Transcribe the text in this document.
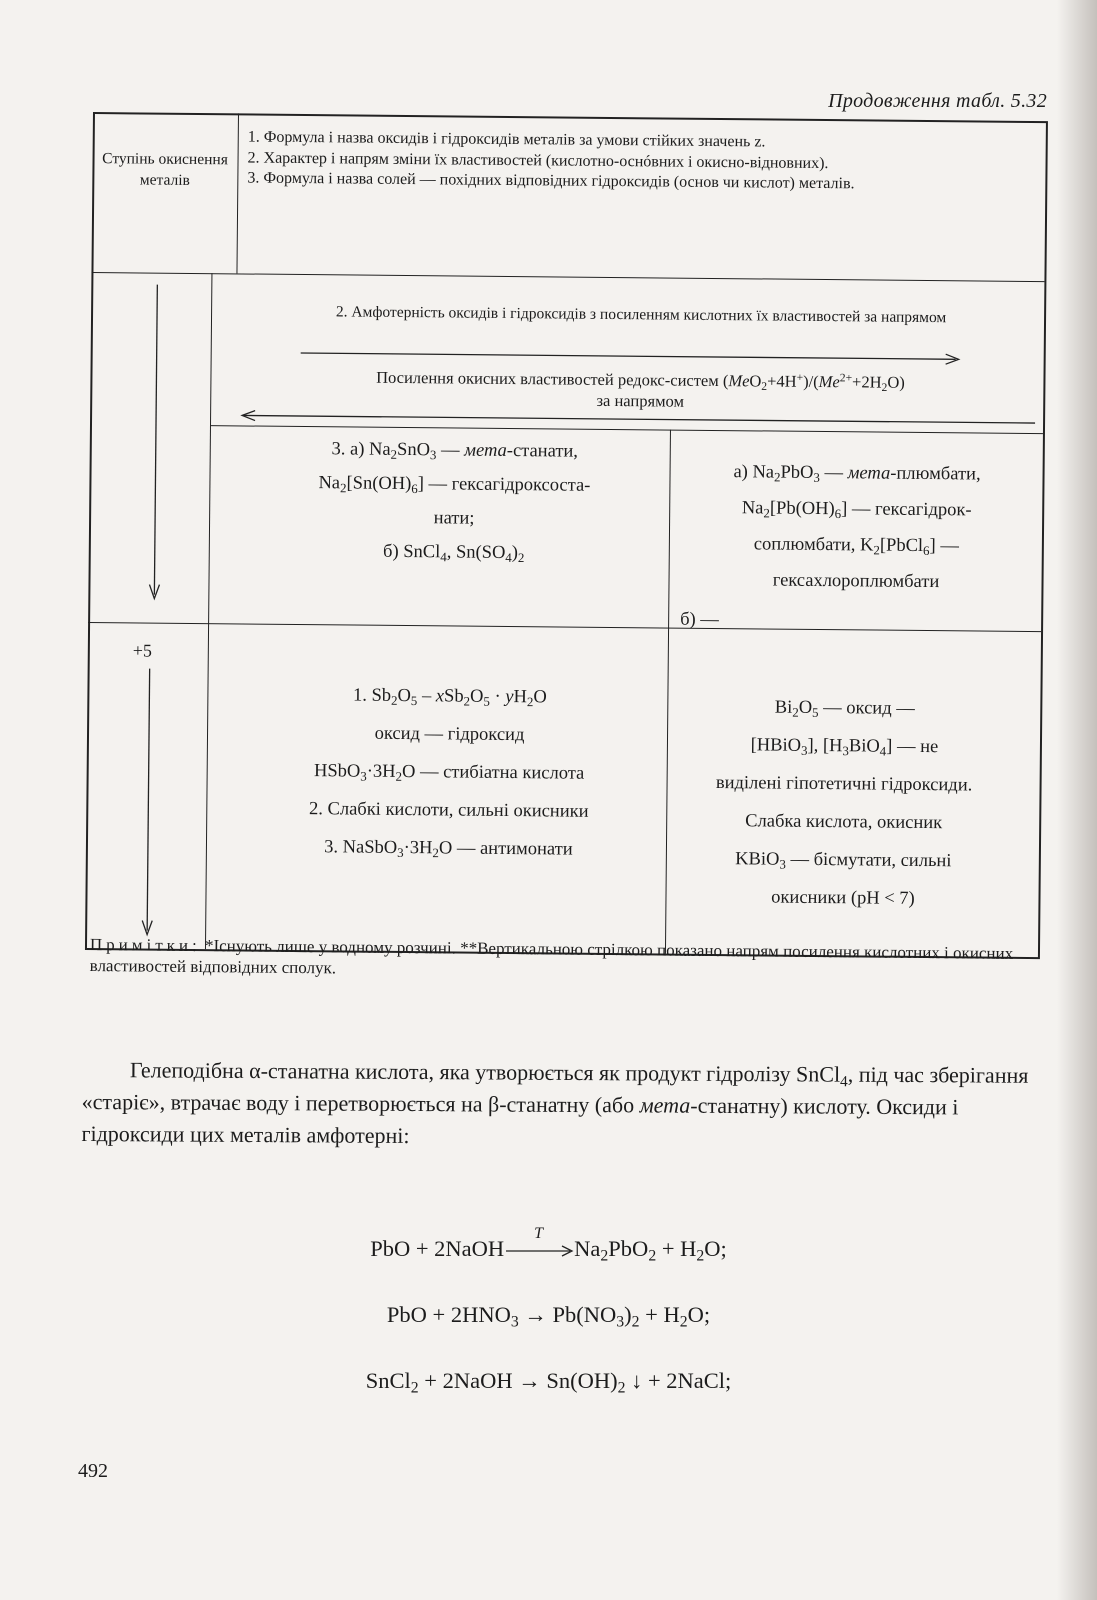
Продовження табл. 5.32
Ступінь окиснення металів
1. Формула і назва оксидів і гідроксидів металів за умови стійких значень z.
2. Характер і напрям зміни їх властивостей (кислотно-оснóвних і окисно-відновних).
3. Формула і назва солей — похідних відповідних гідроксидів (основ чи кислот) металів.
2. Амфотерність оксидів і гідроксидів з посиленням кислотних їх властивостей за напрямом
Посилення окисних властивостей редокс-систем $(MeO_2+4H^+)/(Me^{2+}+2H_2O)$
за напрямом
3. а) $Na_2SnO_3$ — мета-станати,
$Na_2[Sn(OH)_6]$ — гексагідроксоста-
нати;
б) SnCl$_4$, $Sn(SO_4)_2$
а) $Na_2PbO_3$ — мета-плюмбати,
$Na_2[Pb(OH)_6]$ — гексагідрок-
соплюмбати, $K_2[PbCl_6]$ —
гексахлороплюмбати
б) —
+5
1. $Sb_2O_5 - xSb_2O_5 \cdot yH_2O$
оксид — гідроксид
$HSbO_3\cdot 3H_2O$ — стибіатна кислота
2. Слабкі кислоти, сильні окисники
3. $NaSbO_3\cdot 3H_2O$ — антимонати
$Bi_2O_5$ — оксид —
[HBiO$_3$], $[H_3BiO_4]$ — не
виділені гіпотетичні гідроксиди.
Слабка кислота, окисник
KBiO$_3$ — бісмутати, сильні
окисники (pH < 7)
Примітки: *Існують лише у водному розчині. **Вертикальною стрілкою показано напрям посилення кислотних і окисних властивостей відповідних сполук.
Гелеподібна α-станатна кислота, яка утворюється як продукт гідролізу SnCl$_4$, під час зберігання «старіє», втрачає воду і перетворюється на β-станатну (або мета-станатну) кислоту. Оксиди і гідроксиди цих металів амфотерні:
PbO + 2NaOH
T
$Na_2PbO_2 + H_2O$;
PbO + $2HNO_3 \to Pb(NO_3)_2 + H_2O$;
SnCl$_2$ + 2NaOH → $Sn(OH)_2$ ↓ + 2NaCl;
492
